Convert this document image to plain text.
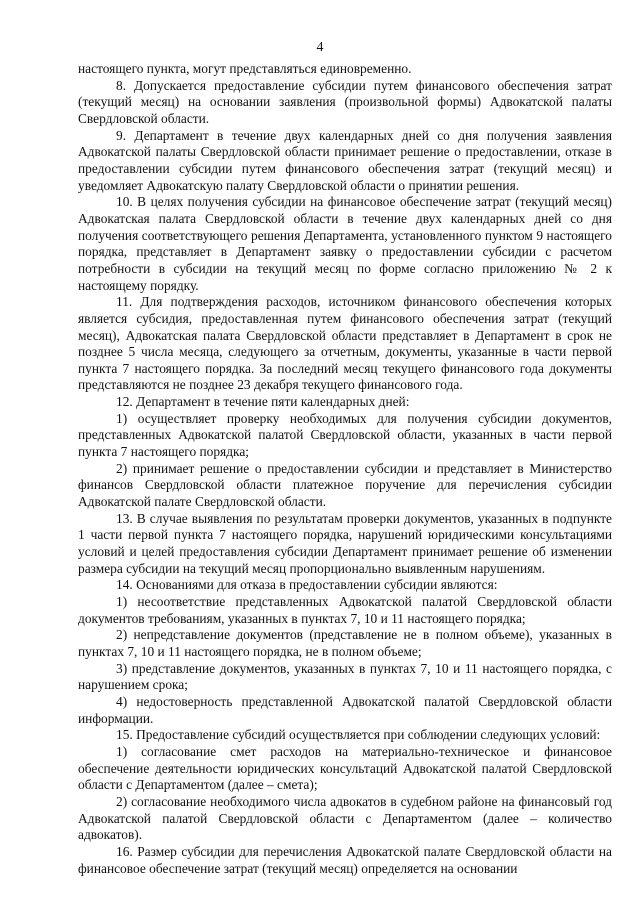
4

настоящего пункта, могут представляться единовременно.

8. Допускается предоставление субсидии путем финансового обеспечения затрат (текущий месяц) на основании заявления (произвольной формы) Адвокатской палаты Свердловской области.

9. Департамент в течение двух календарных дней со дня получения заявления Адвокатской палаты Свердловской области принимает решение о предоставлении, отказе в предоставлении субсидии путем финансового обеспечения затрат (текущий месяц) и уведомляет Адвокатскую палату Свердловской области о принятии решения.

10. В целях получения субсидии на финансовое обеспечение затрат (текущий месяц) Адвокатская палата Свердловской области в течение двух календарных дней со дня получения соответствующего решения Департамента, установленного пунктом 9 настоящего порядка, представляет в Департамент заявку о предоставлении субсидии с расчетом потребности в субсидии на текущий месяц по форме согласно приложению № 2 к настоящему порядку.

11. Для подтверждения расходов, источником финансового обеспечения которых является субсидия, предоставленная путем финансового обеспечения затрат (текущий месяц), Адвокатская палата Свердловской области представляет в Департамент в срок не позднее 5 числа месяца, следующего за отчетным, документы, указанные в части первой пункта 7 настоящего порядка. За последний месяц текущего финансового года документы представляются не позднее 23 декабря текущего финансового года.

12. Департамент в течение пяти календарных дней:

1) осуществляет проверку необходимых для получения субсидии документов, представленных Адвокатской палатой Свердловской области, указанных в части первой пункта 7 настоящего порядка;

2) принимает решение о предоставлении субсидии и представляет в Министерство финансов Свердловской области платежное поручение для перечисления субсидии Адвокатской палате Свердловской области.

13. В случае выявления по результатам проверки документов, указанных в подпункте 1 части первой пункта 7 настоящего порядка, нарушений юридическими консультациями условий и целей предоставления субсидии Департамент принимает решение об изменении размера субсидии на текущий месяц пропорционально выявленным нарушениям.

14. Основаниями для отказа в предоставлении субсидии являются:

1) несоответствие представленных Адвокатской палатой Свердловской области документов требованиям, указанных в пунктах 7, 10 и 11 настоящего порядка;

2) непредставление документов (представление не в полном объеме), указанных в пунктах 7, 10 и 11 настоящего порядка, не в полном объеме;

3) представление документов, указанных в пунктах 7, 10 и 11 настоящего порядка, с нарушением срока;

4) недостоверность представленной Адвокатской палатой Свердловской области информации.

15. Предоставление субсидий осуществляется при соблюдении следующих условий:

1) согласование смет расходов на материально-техническое и финансовое обеспечение деятельности юридических консультаций Адвокатской палатой Свердловской области с Департаментом (далее – смета);

2) согласование необходимого числа адвокатов в судебном районе на финансовый год Адвокатской палатой Свердловской области с Департаментом (далее – количество адвокатов).

16. Размер субсидии для перечисления Адвокатской палате Свердловской области на финансовое обеспечение затрат (текущий месяц) определяется на основании
